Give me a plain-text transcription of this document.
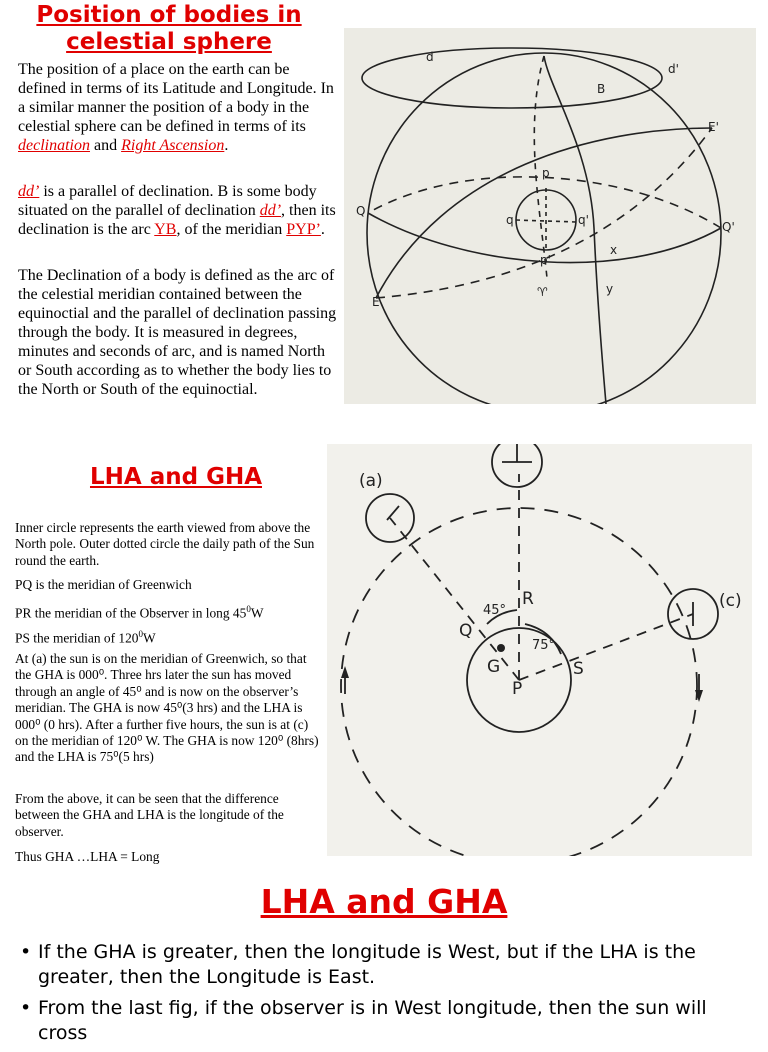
Position of bodies in
celestial sphere

The position of a place on the earth can be defined in terms of its Latitude and Longitude. In a similar manner the position of a body in the celestial sphere can be defined in terms of its declination and Right Ascension.

dd’ is a parallel of declination. B is some body situated on the parallel of declination dd’, then its declination is the arc YB, of the meridian PYP’.

The Declination of a body is defined as the arc of the celestial meridian contained between the equinoctial and the parallel of declination passing through the body. It is measured in degrees, minutes and seconds of arc, and is named North or South according as to whether the body lies to the North or South of the equinoctial.

d
d'
B
E'
Q
Q'
p
p'
q	q'
x
y
♈
E
LHA and GHA

Inner circle represents the earth viewed from above the North pole. Outer dotted circle the daily path of the Sun round the earth.

PQ is the meridian of Greenwich

PR the meridian of the Observer in long $45^0W$

PS the meridian of $120^0W$

At (a) the sun is on the meridian of Greenwich, so that the GHA is 000⁰. Three hrs later the sun has moved through an angle of 45⁰ and is now on the observer’s meridian. The GHA is now 45⁰(3 hrs) and the LHA is 000⁰ (0 hrs). After a further five hours, the sun is at (c) on the meridian of 120⁰ W. The GHA is now 120⁰ (8hrs) and the LHA is 75⁰(5 hrs)

From the above, it can be seen that the difference between the GHA and LHA is the longitude of the observer.

Thus GHA …LHA = Long

(a)
(c)
R
Q
G	S
P
45°
75°
LHA and GHA
• If the GHA is greater, then the longitude is West, but if the LHA is the greater, then the Longitude is East.
• From the last fig, if the observer is in West longitude, then the sun will cross
